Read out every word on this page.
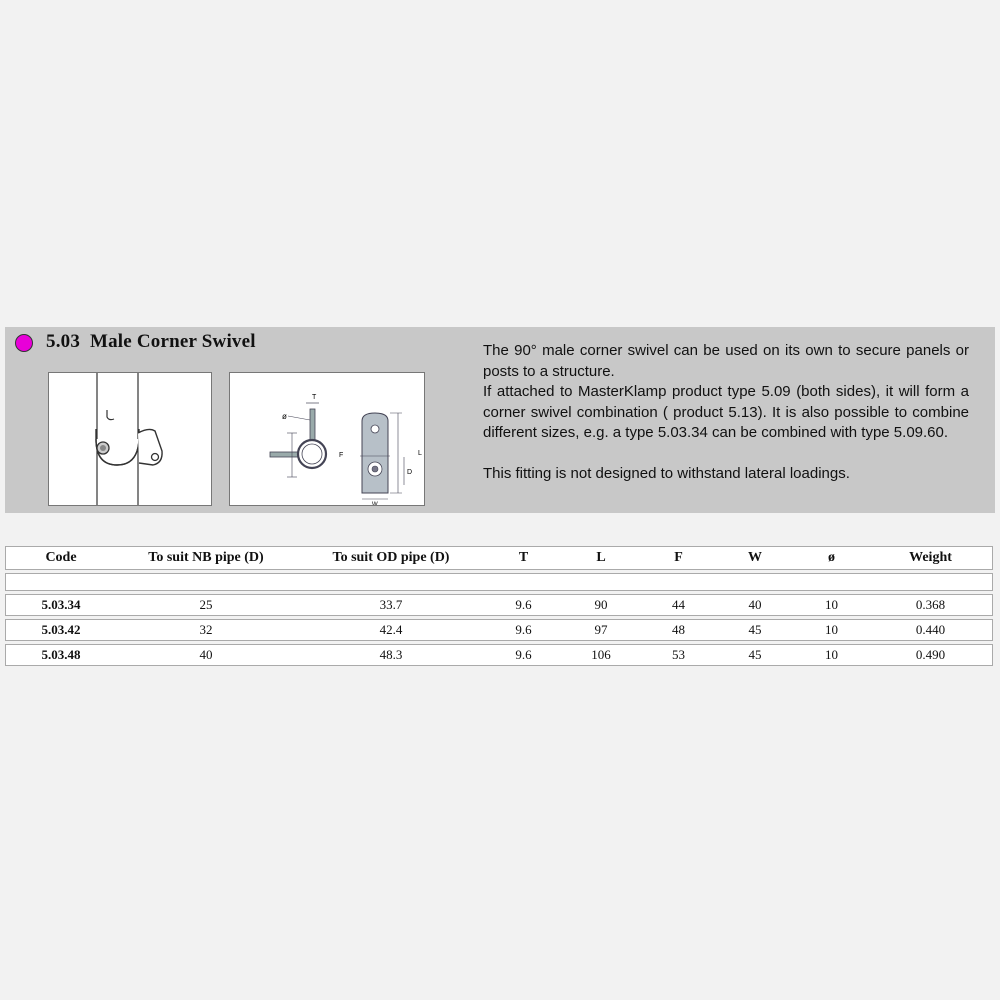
5.03 Male Corner Swivel
T
ø
F	L
D
W

The 90° male corner swivel can be used on its own to secure panels or posts to a structure.

If attached to MasterKlamp product type 5.09 (both sides), it will form a corner swivel combination ( product 5.13). It is also possible to combine different sizes, e.g. a type 5.03.34 can be combined with type 5.09.60.

This fitting is not designed to withstand lateral loadings.

Code	To suit NB pipe (D)	To suit OD pipe (D)	T	L	F	W	ø	Weight

5.03.34	25	33.7	9.6	90	44	40	10	0.368
5.03.42	32	42.4	9.6	97	48	45	10	0.440
5.03.48	40	48.3	9.6	106	53	45	10	0.490
